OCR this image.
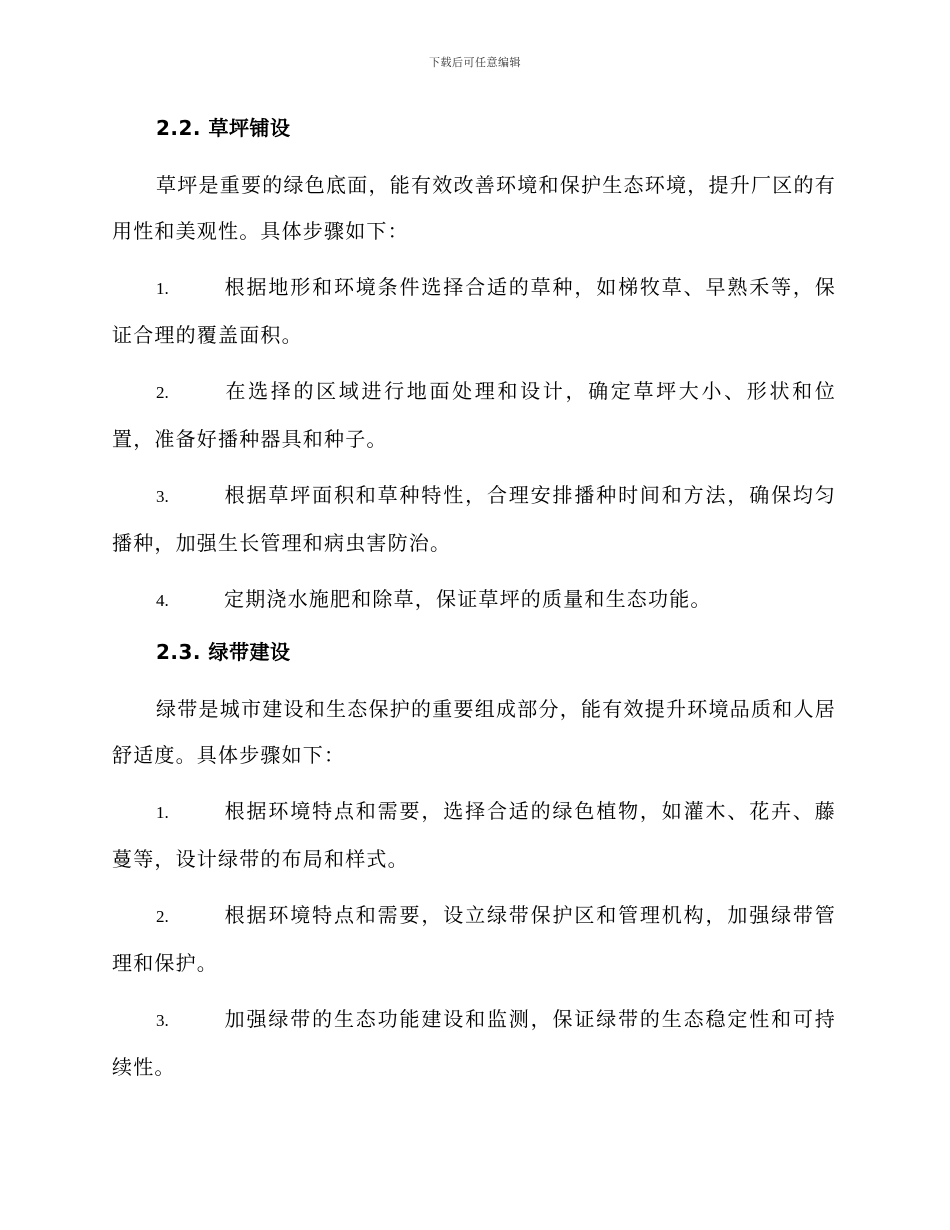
下载后可任意编辑
2.2. 草坪铺设

草坪是重要的绿色底面，能有效改善环境和保护生态环境，提升厂区的有用性和美观性。具体步骤如下：

1.	根据地形和环境条件选择合适的草种，如梯牧草、早熟禾等，保证合理的覆盖面积。
2.	在选择的区域进行地面处理和设计，确定草坪大小、形状和位置，准备好播种器具和种子。
3.	根据草坪面积和草种特性，合理安排播种时间和方法，确保均匀播种，加强生长管理和病虫害防治。
4.	定期浇水施肥和除草，保证草坪的质量和生态功能。
2.3. 绿带建设

绿带是城市建设和生态保护的重要组成部分，能有效提升环境品质和人居舒适度。具体步骤如下：

1.	根据环境特点和需要，选择合适的绿色植物，如灌木、花卉、藤蔓等，设计绿带的布局和样式。
2.	根据环境特点和需要，设立绿带保护区和管理机构，加强绿带管理和保护。
3.	加强绿带的生态功能建设和监测，保证绿带的生态稳定性和可持续性。
